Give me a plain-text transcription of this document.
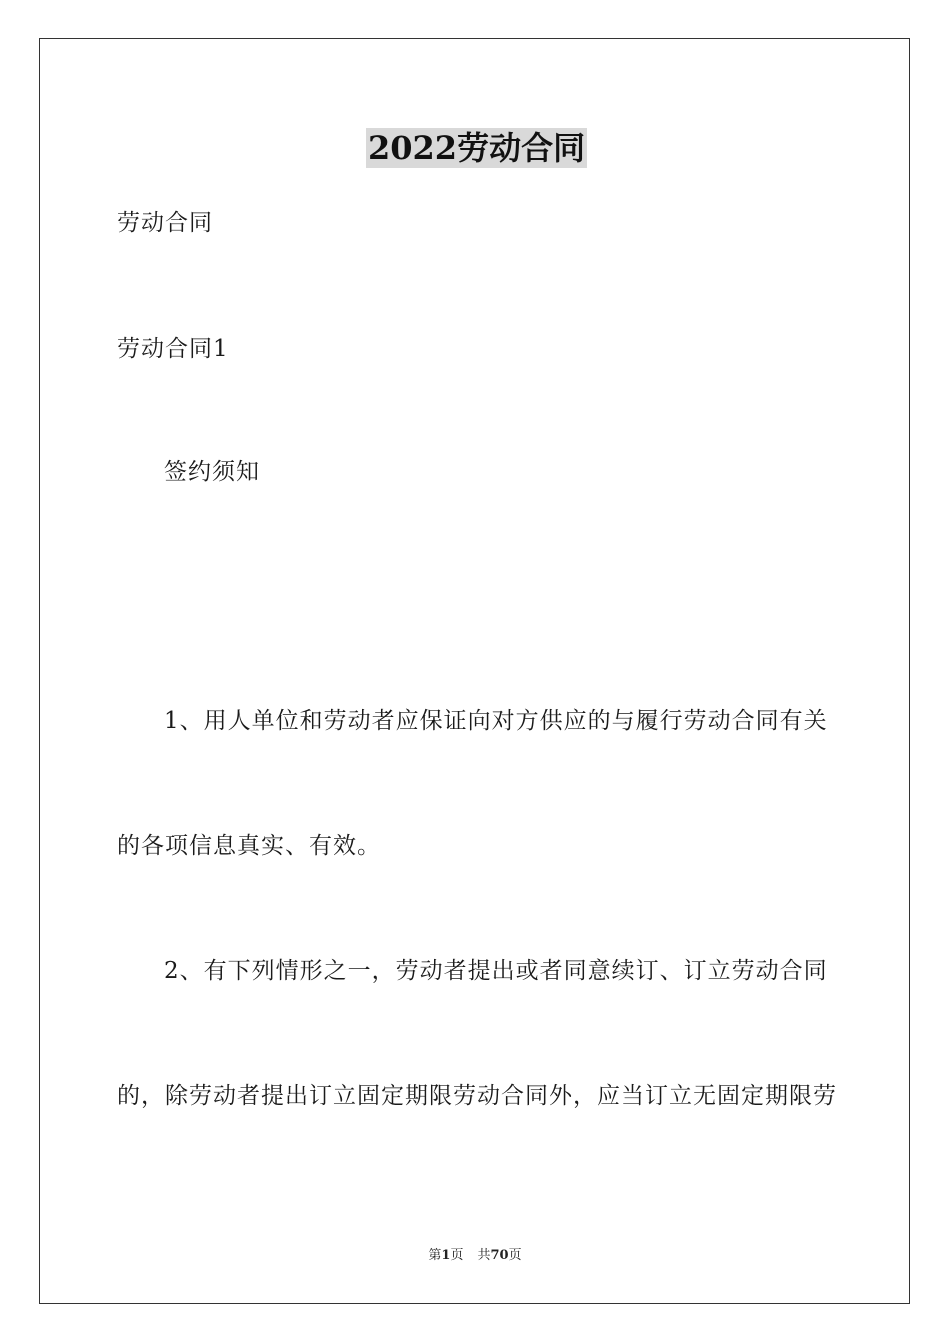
2022劳动合同
劳动合同
劳动合同1
签约须知
1、用人单位和劳动者应保证向对方供应的与履行劳动合同有关
的各项信息真实、有效。
2、有下列情形之一，劳动者提出或者同意续订、订立劳动合同
的，除劳动者提出订立固定期限劳动合同外，应当订立无固定期限劳
第1页 共70页
